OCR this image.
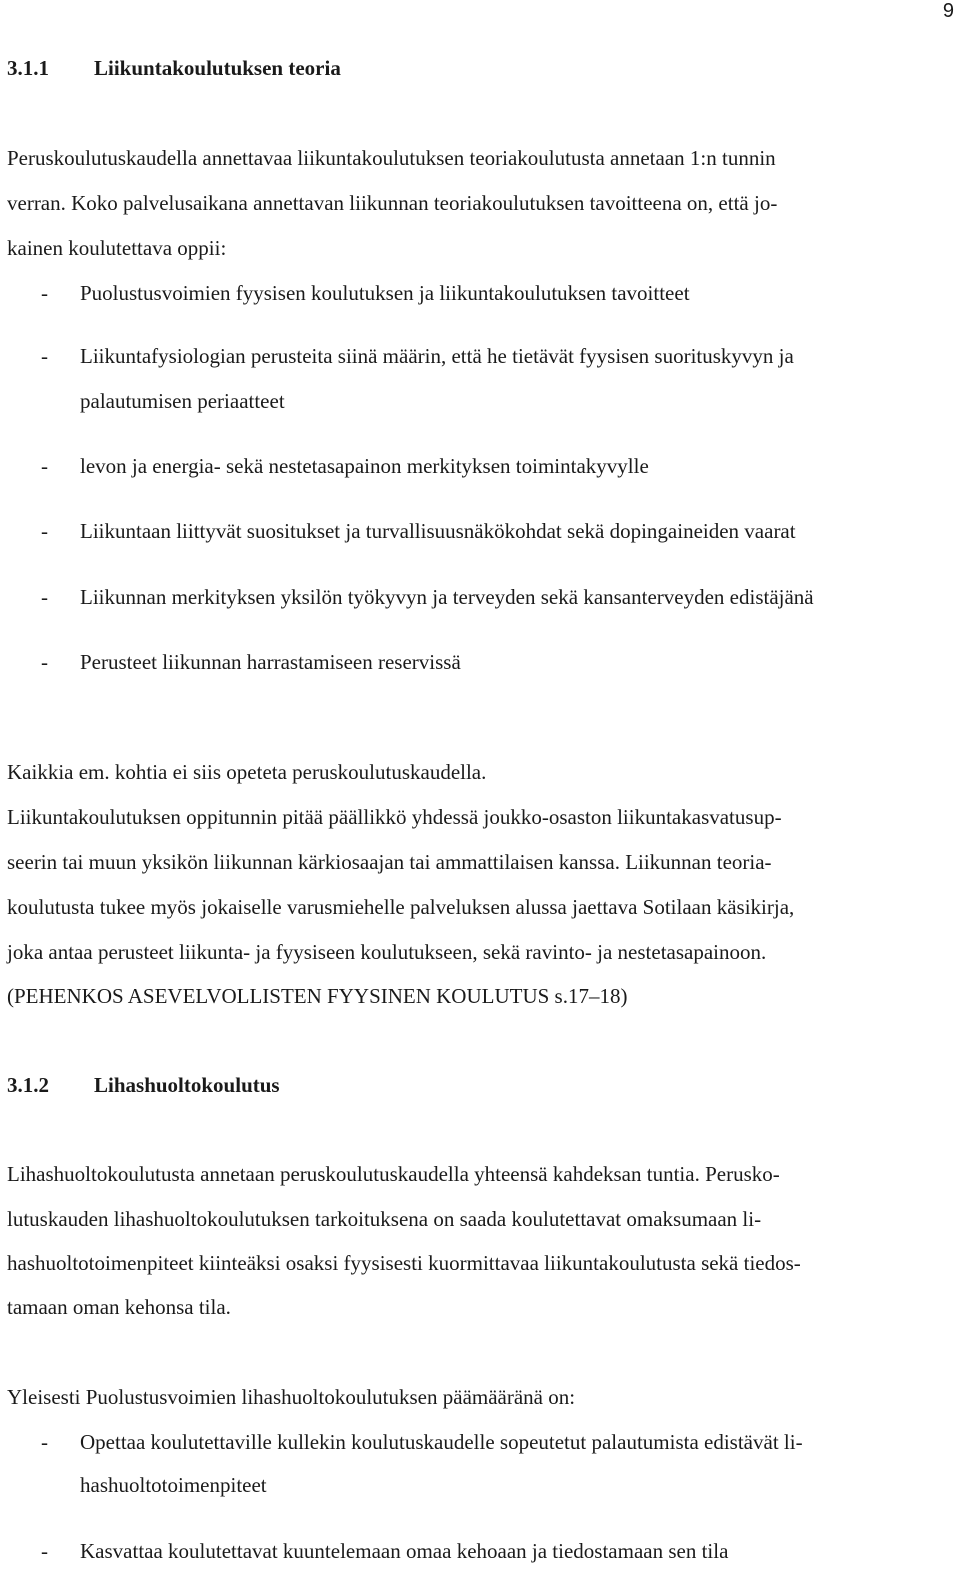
9
3.1.1 Liikuntakoulutuksen teoria
Peruskoulutuskaudella annettavaa liikuntakoulutuksen teoriakoulutusta annetaan 1:n tunnin
verran. Koko palvelusaikana annettavan liikunnan teoriakoulutuksen tavoitteena on, että jo-
kainen koulutettava oppii:
- Puolustusvoimien fyysisen koulutuksen ja liikuntakoulutuksen tavoitteet
- Liikuntafysiologian perusteita siinä määrin, että he tietävät fyysisen suorituskyvyn ja
palautumisen periaatteet
- levon ja energia- sekä nestetasapainon merkityksen toimintakyvylle
- Liikuntaan liittyvät suositukset ja turvallisuusnäkökohdat sekä dopingaineiden vaarat
- Liikunnan merkityksen yksilön työkyvyn ja terveyden sekä kansanterveyden edistäjänä
- Perusteet liikunnan harrastamiseen reservissä
Kaikkia em. kohtia ei siis opeteta peruskoulutuskaudella.
Liikuntakoulutuksen oppitunnin pitää päällikkö yhdessä joukko-osaston liikuntakasvatusup-
seerin tai muun yksikön liikunnan kärkiosaajan tai ammattilaisen kanssa. Liikunnan teoria-
koulutusta tukee myös jokaiselle varusmiehelle palveluksen alussa jaettava Sotilaan käsikirja,
joka antaa perusteet liikunta- ja fyysiseen koulutukseen, sekä ravinto- ja nestetasapainoon.
(PEHENKOS ASEVELVOLLISTEN FYYSINEN KOULUTUS s.17–18)
3.1.2 Lihashuoltokoulutus
Lihashuoltokoulutusta annetaan peruskoulutuskaudella yhteensä kahdeksan tuntia. Perusko-
lutuskauden lihashuoltokoulutuksen tarkoituksena on saada koulutettavat omaksumaan li-
hashuoltotoimenpiteet kiinteäksi osaksi fyysisesti kuormittavaa liikuntakoulutusta sekä tiedos-
tamaan oman kehonsa tila.
Yleisesti Puolustusvoimien lihashuoltokoulutuksen päämääränä on:
- Opettaa koulutettaville kullekin koulutuskaudelle sopeutetut palautumista edistävät li-
hashuoltotoimenpiteet
- Kasvattaa koulutettavat kuuntelemaan omaa kehoaan ja tiedostamaan sen tila
